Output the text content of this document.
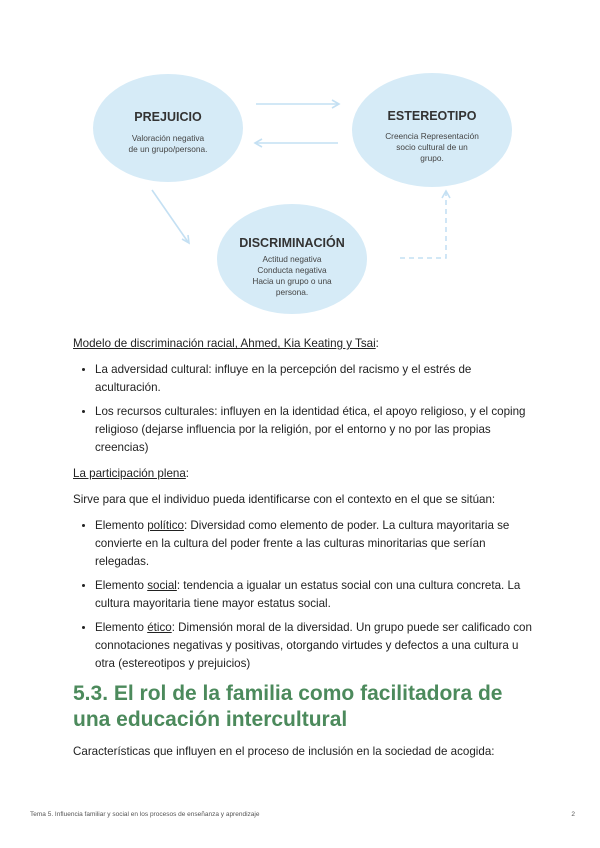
PREJUICIO
Valoración negativa
de un grupo/persona.
ESTEREOTIPO
Creencia Representación
socio cultural de un
grupo.
DISCRIMINACIÓN
Actitud negativa
Conducta negativa
Hacia un grupo o una
persona.

Modelo de discriminación racial, Ahmed, Kia Keating y Tsai:

• La adversidad cultural: influye en la percepción del racismo y el estrés de aculturación.
• Los recursos culturales: influyen en la identidad ética, el apoyo religioso, y el coping religioso (dejarse influencia por la religión, por el entorno y no por las propias creencias)

La participación plena:

Sirve para que el individuo pueda identificarse con el contexto en el que se sitúan:

• Elemento político: Diversidad como elemento de poder. La cultura mayoritaria se convierte en la cultura del poder frente a las culturas minoritarias que serían relegadas.
• Elemento social: tendencia a igualar un estatus social con una cultura concreta. La cultura mayoritaria tiene mayor estatus social.
• Elemento ético: Dimensión moral de la diversidad. Un grupo puede ser calificado con connotaciones negativas y positivas, otorgando virtudes y defectos a una cultura u otra (estereotipos y prejuicios)
5.3. El rol de la familia como facilitadora de una educación intercultural

Características que influyen en el proceso de inclusión en la sociedad de acogida:

Tema 5. Influencia familiar y social en los procesos de enseñanza y aprendizaje	2
